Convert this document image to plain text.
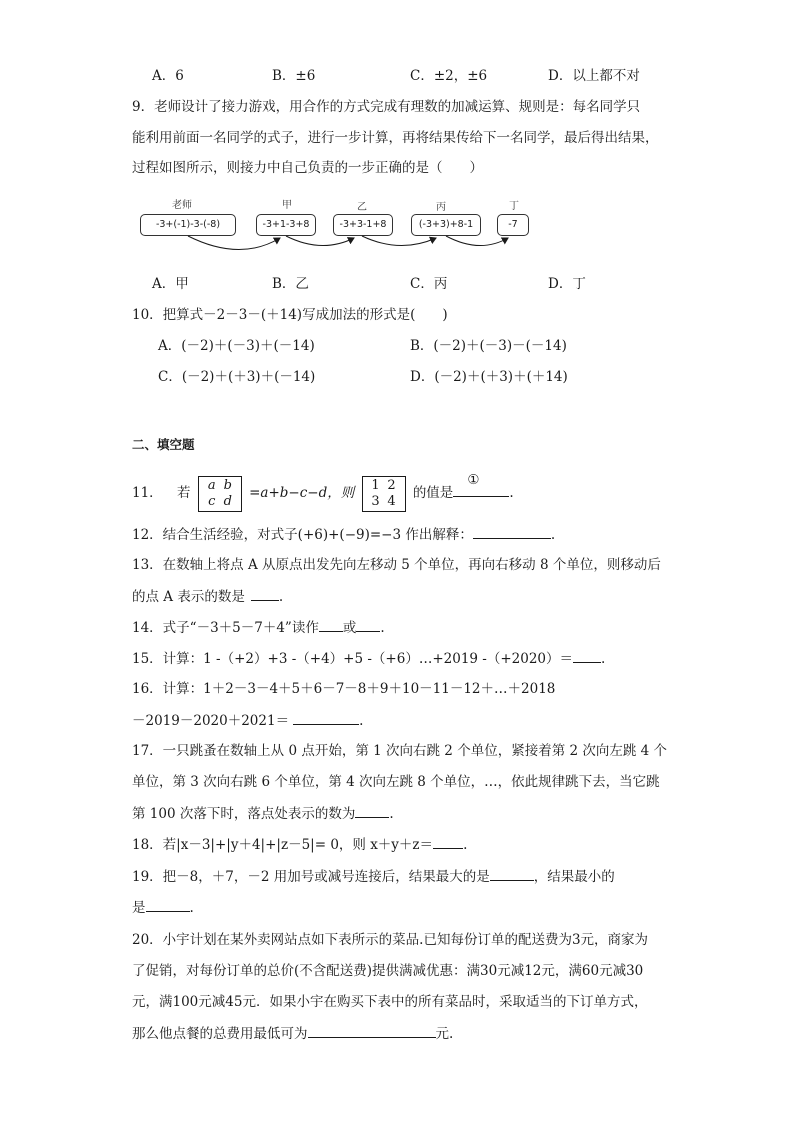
A．6	B．±6	C．±2，±6	D．以上都不对
9．老师设计了接力游戏，用合作的方式完成有理数的加减运算、规则是：每名同学只
能利用前面一名同学的式子，进行一步计算，再将结果传给下一名同学，最后得出结果，
过程如图所示，则接力中自己负责的一步正确的是（　　）
老师	甲	乙	丙	丁
-3+(-1)-3-(-8)	-3+1-3+8	-3+3-1+8	(-3+3)+8-1	-7
A．甲	B．乙	C．丙	D．丁
10．把算式－2－3－(＋14)写成加法的形式是(　　)
A．(－2)＋(－3)＋(－14)	B．(－2)＋(－3)－(－14)
C．(－2)＋(＋3)＋(－14)	D．(－2)＋(＋3)＋(＋14)
二、填空题
11． 若 a b
c d =a+b−c−d，则 1 2
3 4 的值是
①
.
12．结合生活经验，对式子(+6)+(−9)=−3 作出解释：	.
13．在数轴上将点 A 从原点出发先向左移动 5 个单位，再向右移动 8 个单位，则移动后
的点 A 表示的数是	.
14．式子“－3＋5－7＋4”读作 或 .
15．计算：1 -（+2）+3 -（+4）+5 -（+6）…+2019 -（+2020）＝ .
16．计算：1＋2－3－4＋5＋6－7－8＋9＋10－11－12＋…＋2018
－2019－2020＋2021＝	.
17．一只跳蚤在数轴上从 0 点开始，第 1 次向右跳 2 个单位，紧接着第 2 次向左跳 4 个
单位，第 3 次向右跳 6 个单位，第 4 次向左跳 8 个单位，…，依此规律跳下去，当它跳
第 100 次落下时，落点处表示的数为	.
18．若|x－3|+|y＋4|+|z－5|= 0，则 x＋y＋z＝ .
19．把－8，＋7，－2 用加号或减号连接后，结果最大的是	，结果最小的
是	.
20．小宇计划在某外卖网站点如下表所示的菜品.已知每份订单的配送费为3元，商家为
了促销，对每份订单的总价(不含配送费)提供满减优惠：满30元减12元，满60元减30
元，满100元减45元．如果小宇在购买下表中的所有菜品时，采取适当的下订单方式，
那么他点餐的总费用最低可为	元.
